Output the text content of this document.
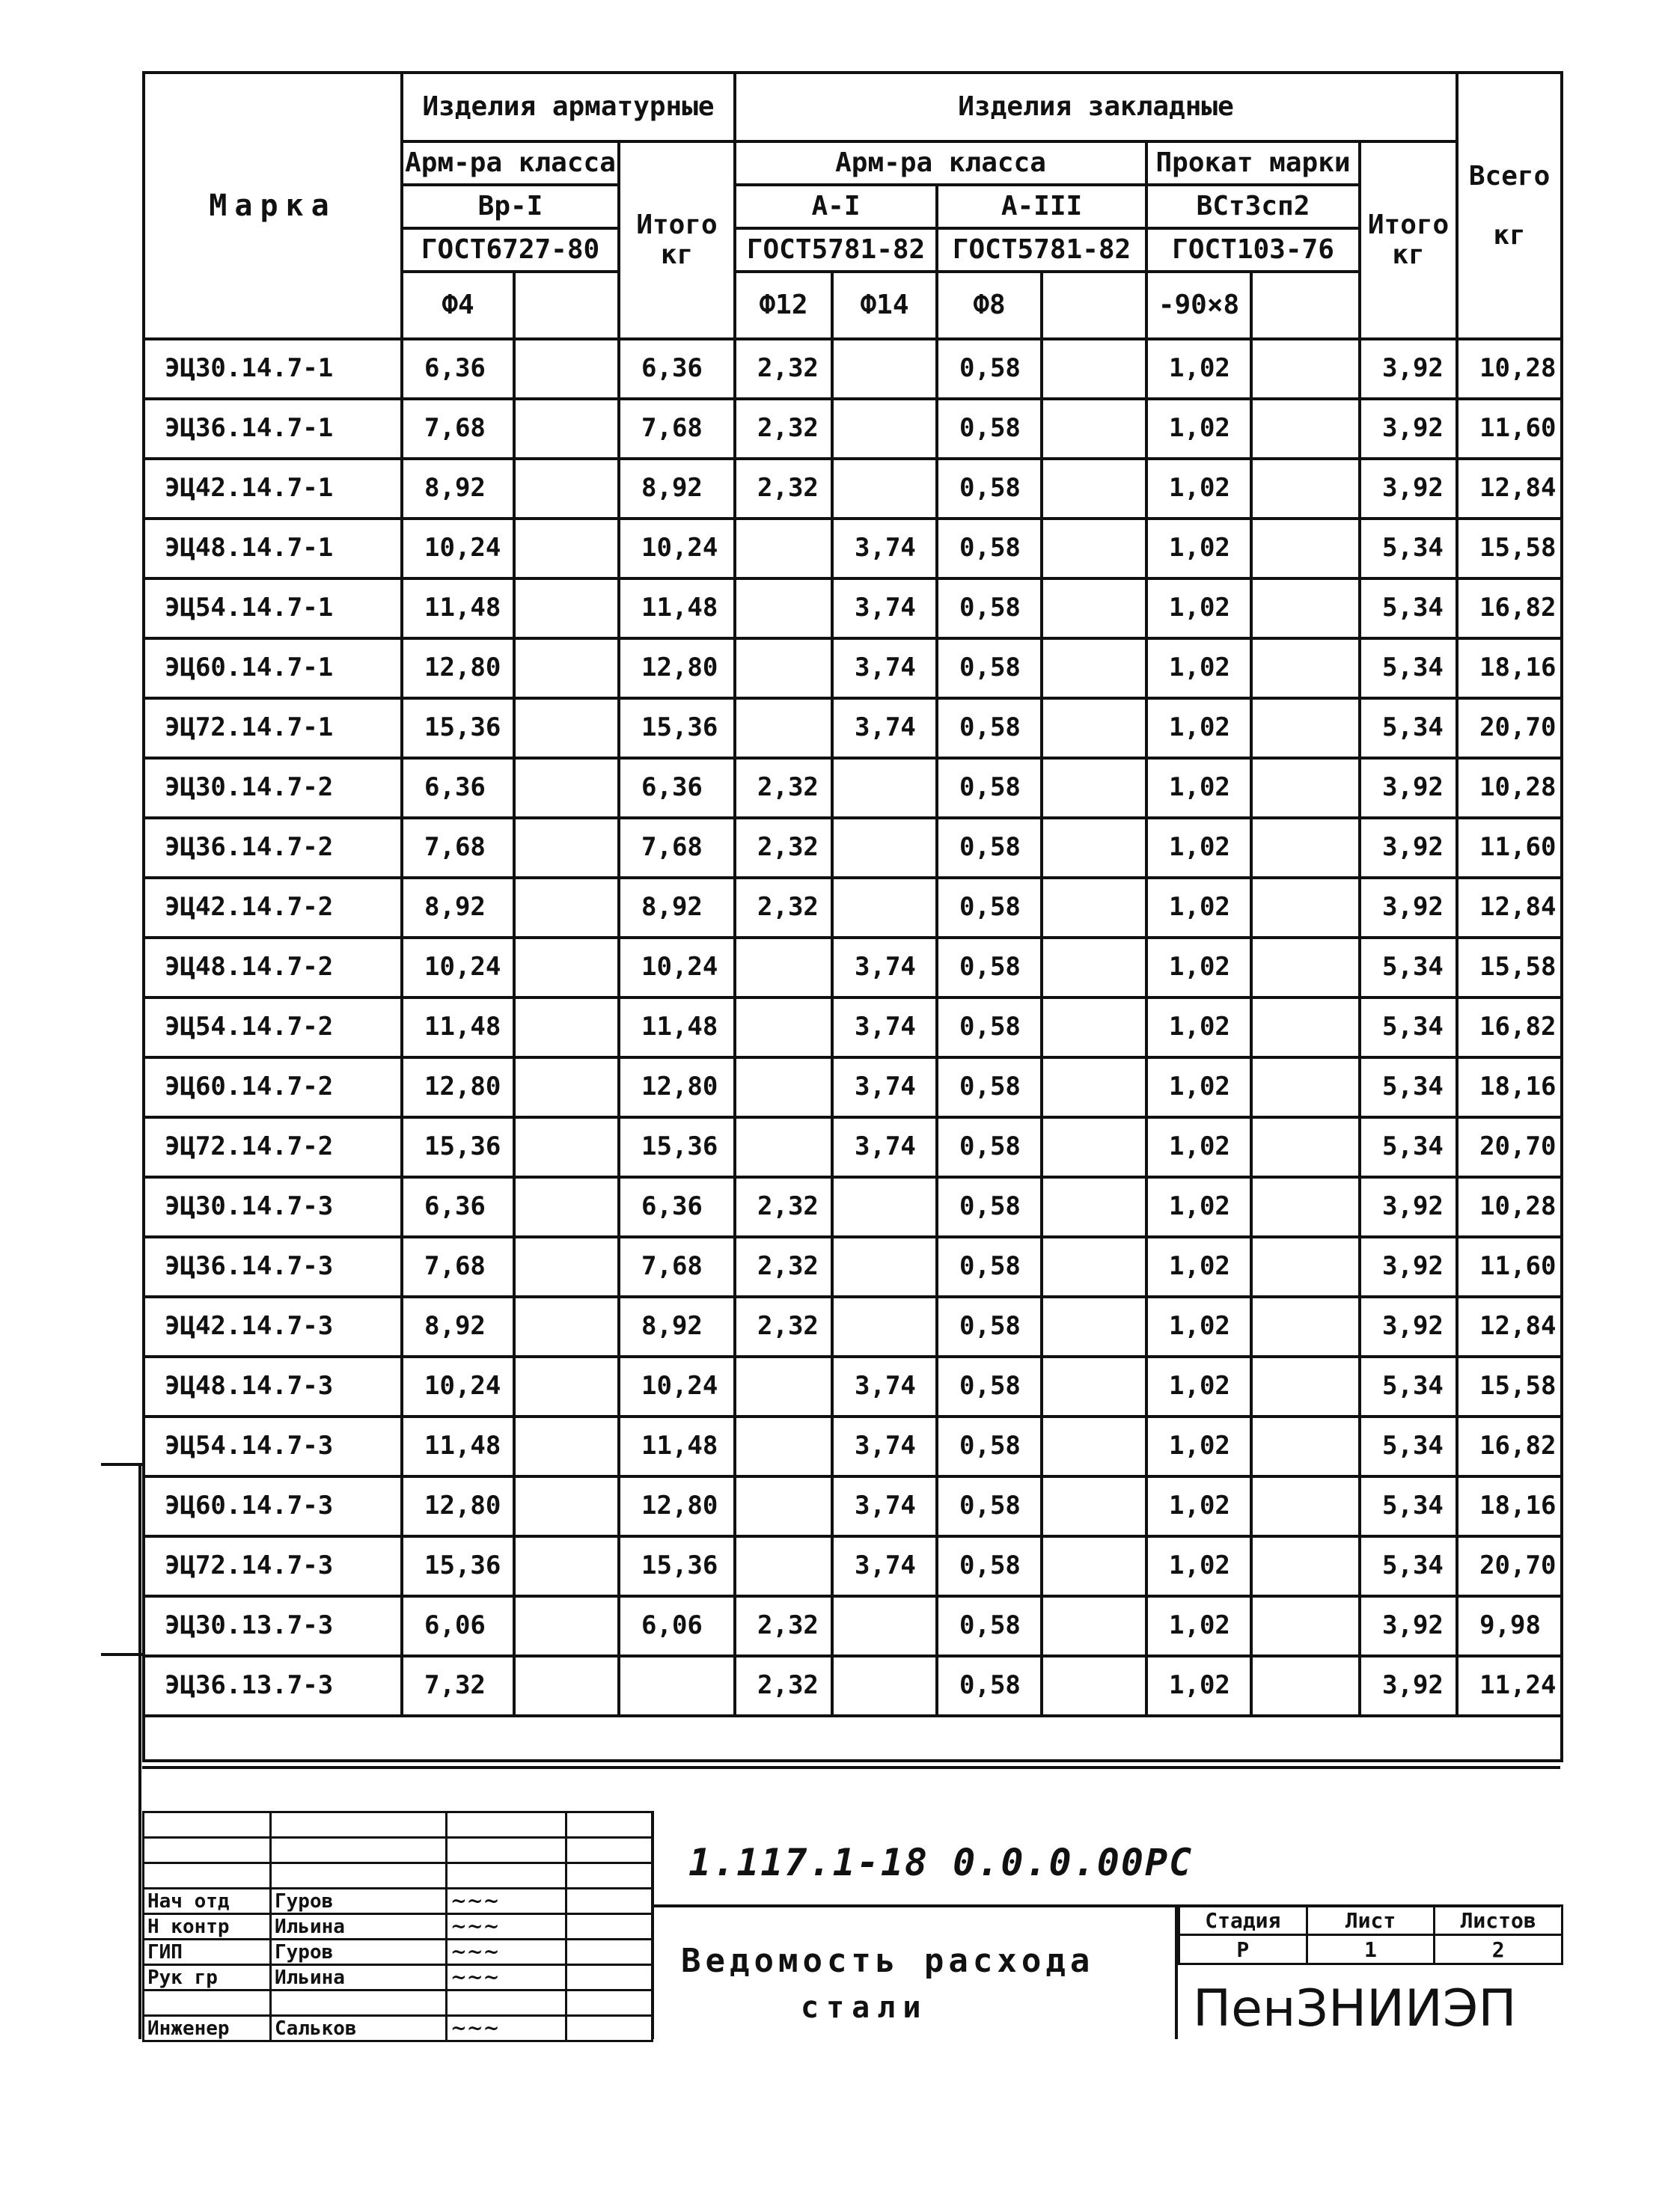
Марка	Изделия арматурные			Изделия закладные							Всего

кг
	Арм-ра класса		Итого
кг	Арм-ра класса				Прокат марки		Итого
кг	
	Вр-I			А-I		А-III		ВСт3сп2			
	ГОСТ6727-80			ГОСТ5781-82		ГОСТ5781-82		ГОСТ103-76			
	Ф4			Ф12	Ф14	Ф8		-90×8			
ЭЦ30.14.7-1	6,36		6,36	2,32		0,58		1,02		3,92	10,28
ЭЦ36.14.7-1	7,68		7,68	2,32		0,58		1,02		3,92	11,60
ЭЦ42.14.7-1	8,92		8,92	2,32		0,58		1,02		3,92	12,84
ЭЦ48.14.7-1	10,24		10,24		3,74	0,58		1,02		5,34	15,58
ЭЦ54.14.7-1	11,48		11,48		3,74	0,58		1,02		5,34	16,82
ЭЦ60.14.7-1	12,80		12,80		3,74	0,58		1,02		5,34	18,16
ЭЦ72.14.7-1	15,36		15,36		3,74	0,58		1,02		5,34	20,70
ЭЦ30.14.7-2	6,36		6,36	2,32		0,58		1,02		3,92	10,28
ЭЦ36.14.7-2	7,68		7,68	2,32		0,58		1,02		3,92	11,60
ЭЦ42.14.7-2	8,92		8,92	2,32		0,58		1,02		3,92	12,84
ЭЦ48.14.7-2	10,24		10,24		3,74	0,58		1,02		5,34	15,58
ЭЦ54.14.7-2	11,48		11,48		3,74	0,58		1,02		5,34	16,82
ЭЦ60.14.7-2	12,80		12,80		3,74	0,58		1,02		5,34	18,16
ЭЦ72.14.7-2	15,36		15,36		3,74	0,58		1,02		5,34	20,70
ЭЦ30.14.7-3	6,36		6,36	2,32		0,58		1,02		3,92	10,28
ЭЦ36.14.7-3	7,68		7,68	2,32		0,58		1,02		3,92	11,60
ЭЦ42.14.7-3	8,92		8,92	2,32		0,58		1,02		3,92	12,84
ЭЦ48.14.7-3	10,24		10,24		3,74	0,58		1,02		5,34	15,58
ЭЦ54.14.7-3	11,48		11,48		3,74	0,58		1,02		5,34	16,82
ЭЦ60.14.7-3	12,80		12,80		3,74	0,58		1,02		5,34	18,16
ЭЦ72.14.7-3	15,36		15,36		3,74	0,58		1,02		5,34	20,70
ЭЦ30.13.7-3	6,06		6,06	2,32		0,58		1,02		3,92	9,98
ЭЦ36.13.7-3	7,32			2,32		0,58		1,02		3,92	11,24

Нач отд	Гуров	~~~	
Н контр	Ильина	~~~	
ГИП	Гуров	~~~	
Рук гр	Ильина	~~~	

Инженер	Сальков	~~~	
1.117.1-18 0.0.0.00РС
Ведомость расхода
стали
Стадия	Лист	Листов
Р	1	2
ПенЗНИИЭП
